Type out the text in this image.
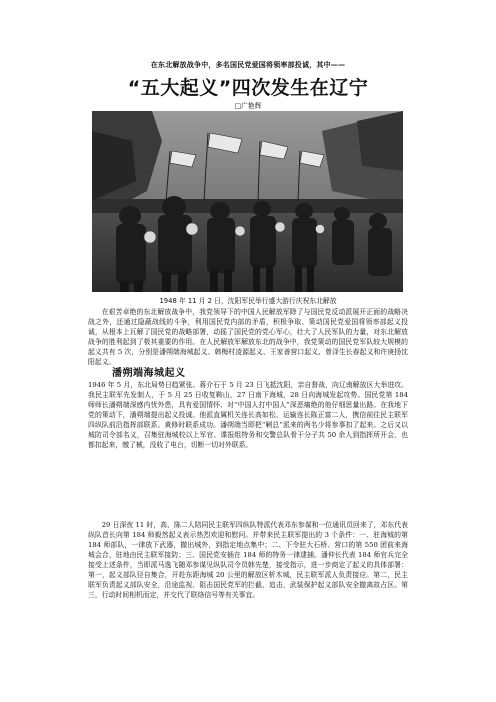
在东北解放战争中，多名国民党爱国将领率部投诚，其中——
“五大起义”四次发生在辽宁
□广艳辉
1948 年 11 月 2 日，沈阳军民举行盛大游行庆祝东北解放

在艰苦卓绝的东北解放战争中，我党领导下的中国人民解放军除了与国民党反动派展开正面的战略决战之外，还通过隐蔽战线的斗争，利用国民党内部的矛盾，积极争取、策动国民党爱国将领率部起义投诚，从根本上瓦解了国民党的战略部署，动摇了国民党的党心军心，壮大了人民军队的力量，对东北解放战争的胜利起到了极其重要的作用。在人民解放军解放东北的战争中，我党策动的国民党军队较大规模的起义共有 5 次，分别是潘朔端海城起义、韩梅村凌源起义、王家善营口起义、曾泽生长春起义和许庚扬沈阳起义。

潘朔端海城起义

1946 年 5 月，东北局势日趋紧张。蒋介石于 5 月 23 日飞抵沈阳，亲自督战，向辽南解放区大举进攻。我民主联军先发制人，于 5 月 25 日收复鞍山，27 日南下海城，28 日向海城发起攻势。国民党第 184 师师长潘朔端深感内忧外患，具有爱国情怀、对“中国人打中国人”深恶痛绝的他仔细思量出路。在我地下党的策动下，潘朔端提出起义投诚。他派直属机关连长高如松、运输连长陈正富二人，携信前往民主联军四纵队前沿指挥部联系。黄修时联系成功。潘朔端当即把“剿总”派来的两名少将参事扣了起来。之后又以城防司令部名义，召集驻海城校以上军官、谍报组特务和交警总队骨干分子共 50 余人到指挥所开会，也都扣起来，缴了械，没收了电台，切断一切对外联系。

29 日深夜 11 时，高、陈二人陪同民主联军四纵队特派代表邓东参谋和一位通讯员回来了，邓东代表纵队首长向第 184 师毅然起义表示热烈欢迎和慰问。并带来民主联军提出的 3 个条件：一、驻海城的第 184 师部队，一律放下武器，撤出城外，到指定地点集中；二、下令驻大石桥、营口的第 550 团前来海城会合，驻地由民主联军接防；三、国民党安插在 184 师的特务一律逮捕。潘仲长代表 184 师官兵完全接受上述条件，当即派马逸飞随邓参谋见纵队司令员韩先楚，接受指示，进一步商定了起义的具体部署：第一，起义部队径自集合，开赴东距海城 20 公里的解放区析木城，民主联军派人负责接应。第二，民主联军负责起义部队安全，沿途监视、阻击国民党军的拦截、追击，武装保护起义部队安全撤离故占区。第三，行动时间相机而定，并交代了联络信号等有关事宜。
